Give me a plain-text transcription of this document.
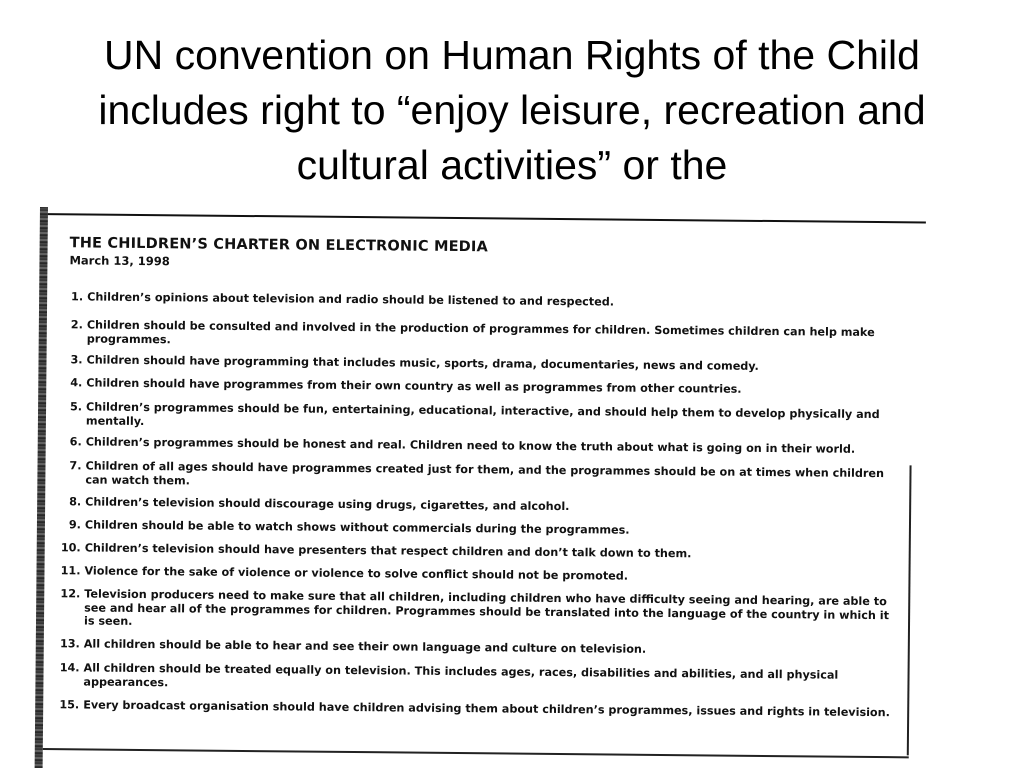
UN convention on Human Rights of the Child includes right to “enjoy leisure, recreation and cultural activities” or the
THE CHILDREN’S CHARTER ON ELECTRONIC MEDIA
March 13, 1998
1. Children’s opinions about television and radio should be listened to and respected.
2. Children should be consulted and involved in the production of programmes for children. Sometimes children can help make programmes.
3. Children should have programming that includes music, sports, drama, documentaries, news and comedy.
4. Children should have programmes from their own country as well as programmes from other countries.
5. Children’s programmes should be fun, entertaining, educational, interactive, and should help them to develop physically and mentally.
6. Children’s programmes should be honest and real. Children need to know the truth about what is going on in their world.
7. Children of all ages should have programmes created just for them, and the programmes should be on at times when children can watch them.
8. Children’s television should discourage using drugs, cigarettes, and alcohol.
9. Children should be able to watch shows without commercials during the programmes.
10. Children’s television should have presenters that respect children and don’t talk down to them.
11. Violence for the sake of violence or violence to solve conflict should not be promoted.
12. Television producers need to make sure that all children, including children who have difficulty seeing and hearing, are able to see and hear all of the programmes for children. Programmes should be translated into the language of the country in which it is seen.
13. All children should be able to hear and see their own language and culture on television.
14. All children should be treated equally on television. This includes ages, races, disabilities and abilities, and all physical appearances.
15. Every broadcast organisation should have children advising them about children’s programmes, issues and rights in television.
